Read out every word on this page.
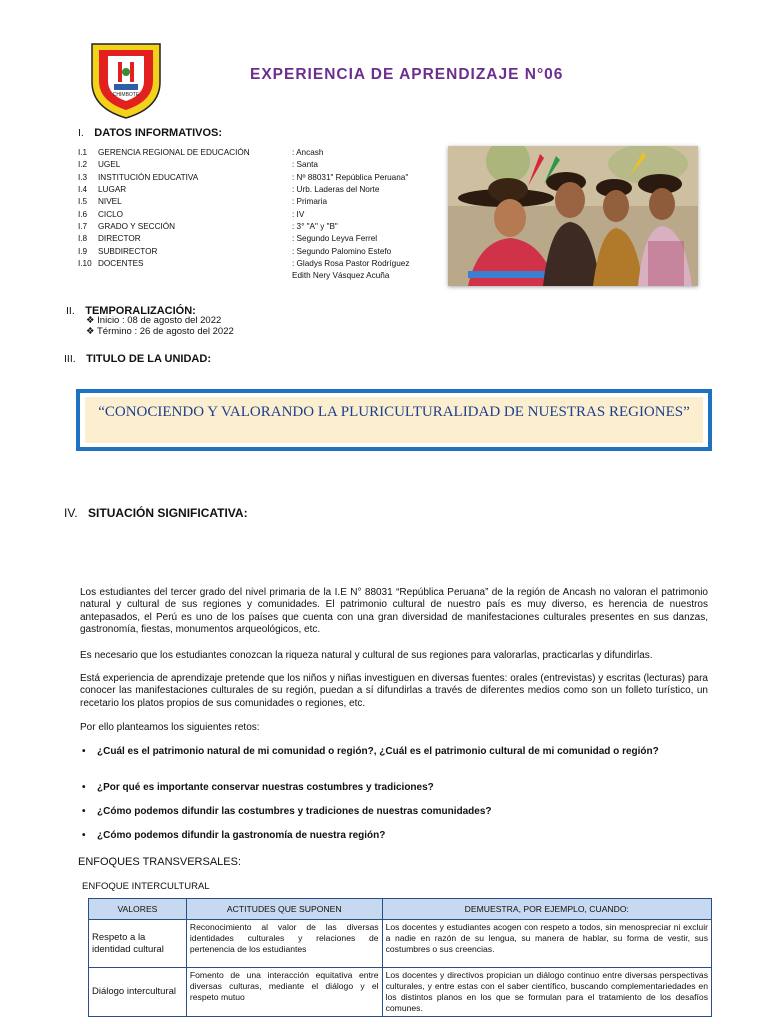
CHIMBOTE
EXPERIENCIA DE APRENDIZAJE N°06
I. DATOS INFORMATIVOS:
I.1 GERENCIA REGIONAL DE EDUCACIÓN	: Ancash
I.2 UGEL	: Santa
I.3 INSTITUCIÓN EDUCATIVA	: Nº 88031" República Peruana"
I.4 LUGAR	: Urb. Laderas del Norte
I.5 NIVEL	: Primaria
I.6 CICLO	: IV
I.7 GRADO Y SECCIÓN	: 3° "A" y "B"
I.8 DIRECTOR	: Segundo Leyva Ferrel
I.9 SUBDIRECTOR	: Segundo Palomino Estefo
I.10 DOCENTES	: Gladys Rosa Pastor Rodríguez
Edith Nery Vásquez Acuña
II. TEMPORALIZACIÓN:
❖ Inicio : 08 de agosto del 2022
❖ Término : 26 de agosto del 2022
III. TITULO DE LA UNIDAD:
“CONOCIENDO Y VALORANDO LA PLURICULTURALIDAD DE NUESTRAS REGIONES”
IV. SITUACIÓN SIGNIFICATIVA:
Los estudiantes del tercer grado del nivel primaria de la I.E N° 88031 “República Peruana” de la región de Ancash no valoran el patrimonio natural y cultural de sus regiones y comunidades. El patrimonio cultural de nuestro país es muy diverso, es herencia de nuestros antepasados, el Perú es uno de los países que cuenta con una gran diversidad de manifestaciones culturales presentes en sus danzas, gastronomía, fiestas, monumentos arqueológicos, etc.
Es necesario que los estudiantes conozcan la riqueza natural y cultural de sus regiones para valorarlas, practicarlas y difundirlas.
Está experiencia de aprendizaje pretende que los niños y niñas investiguen en diversas fuentes: orales (entrevistas) y escritas (lecturas) para conocer las manifestaciones culturales de su región, puedan a sí difundirlas a través de diferentes medios como son un folleto turístico, un recetario los platos propios de sus comunidades o regiones, etc.
Por ello planteamos los siguientes retos:
• ¿Cuál es el patrimonio natural de mi comunidad o región?, ¿Cuál es el patrimonio cultural de mi comunidad o región?
• ¿Por qué es importante conservar nuestras costumbres y tradiciones?
• ¿Cómo podemos difundir las costumbres y tradiciones de nuestras comunidades?
• ¿Cómo podemos difundir la gastronomía de nuestra región?
ENFOQUES TRANSVERSALES:
ENFOQUE INTERCULTURAL
VALORES	ACTITUDES QUE SUPONEN	DEMUESTRA, POR EJEMPLO, CUANDO:
Respeto a la identidad cultural	Reconocimiento al valor de las diversas identidades culturales y relaciones de pertenencia de los estudiantes	Los docentes y estudiantes acogen con respeto a todos, sin menospreciar ni excluir a nadie en razón de su lengua, su manera de hablar, su forma de vestir, sus costumbres o sus creencias.
Diálogo intercultural	Fomento de una interacción equitativa entre diversas culturas, mediante el diálogo y el respeto mutuo	Los docentes y directivos propician un diálogo continuo entre diversas perspectivas culturales, y entre estas con el saber científico, buscando complementariedades en los distintos planos en los que se formulan para el tratamiento de los desafíos comunes.
